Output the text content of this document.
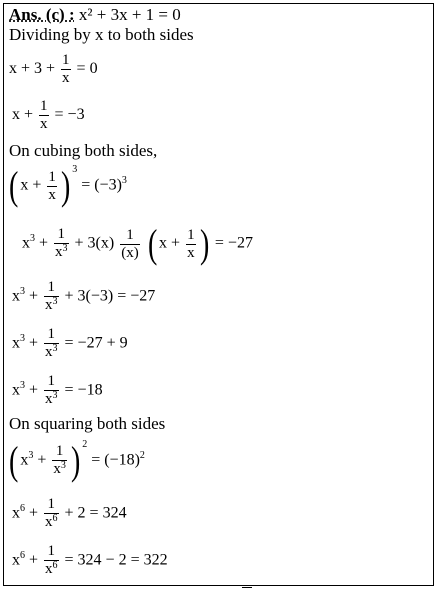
Ans. (c) : x² + 3x + 1 = 0
Dividing by x to both sides
$x + 3 + \frac{1}{x} = 0$
$x + \frac{1}{x} = -3$
On cubing both sides,
( $x + \frac{1}{x}$ ) $^3 = (-3)^3$
$x^3 + \frac{1}{x^3} + 3(x) \frac{1}{(x)}$ ( $x + \frac{1}{x}$ ) = −27
$x^3 + \frac{1}{x^3} + 3(-3) = -27$
$x^3 + \frac{1}{x^3} = -27 + 9$
$x^3 + \frac{1}{x^3} = -18$
On squaring both sides
( $x^3 + \frac{1}{x^3}$ ) $^2 = (-18)^2$
$x^6 + \frac{1}{x^6} + 2 = 324$
$x^6 + \frac{1}{x^6} = 324 - 2 = 322$
